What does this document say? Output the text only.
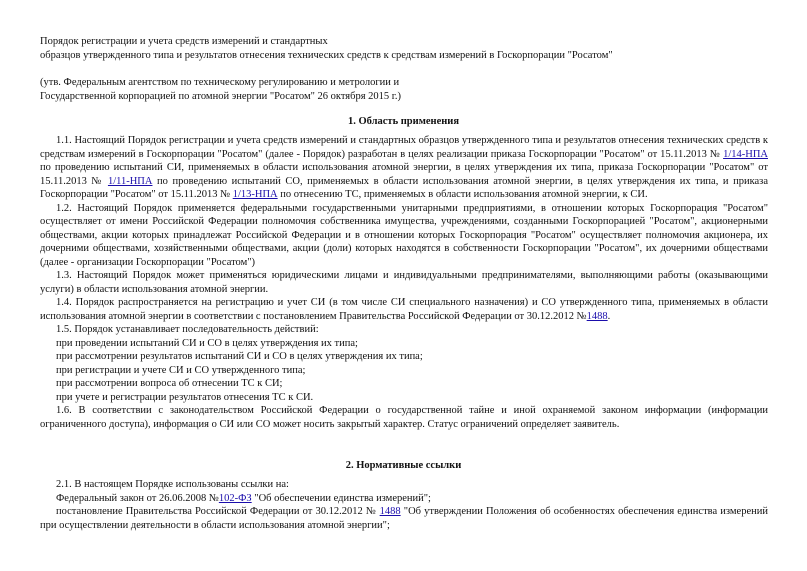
Порядок регистрации и учета средств измерений и стандартных
образцов утвержденного типа и результатов отнесения технических средств к средствам измерений в Госкорпорации "Росатом"
(утв. Федеральным агентством по техническому регулированию и метрологии и
Государственной корпорацией по атомной энергии "Росатом" 26 октября 2015 г.)
1. Область применения

1.1. Настоящий Порядок регистрации и учета средств измерений и стандартных образцов утвержденного типа и результатов отнесения технических средств к средствам измерений в Госкорпорации "Росатом" (далее - Порядок) разработан в целях реализации приказа Госкорпорации "Росатом" от 15.11.2013 № 1/14-НПА по проведению испытаний СИ, применяемых в области использования атомной энергии, в целях утверждения их типа, приказа Госкорпорации "Росатом" от 15.11.2013 № 1/11-НПА по проведению испытаний СО, применяемых в области использования атомной энергии, в целях утверждения их типа, и приказа Госкорпорации "Росатом" от 15.11.2013 № 1/13-НПА по отнесению ТС, применяемых в области использования атомной энергии, к СИ.

1.2. Настоящий Порядок применяется федеральными государственными унитарными предприятиями, в отношении которых Госкорпорация "Росатом" осуществляет от имени Российской Федерации полномочия собственника имущества, учреждениями, созданными Госкорпорацией "Росатом", акционерными обществами, акции которых принадлежат Российской Федерации и в отношении которых Госкорпорация "Росатом" осуществляет полномочия акционера, их дочерними обществами, хозяйственными обществами, акции (доли) которых находятся в собственности Госкорпорации "Росатом", их дочерними обществами (далее - организации Госкорпорации "Росатом")

1.3. Настоящий Порядок может применяться юридическими лицами и индивидуальными предпринимателями, выполняющими работы (оказывающими услуги) в области использования атомной энергии.

1.4. Порядок распространяется на регистрацию и учет СИ (в том числе СИ специального назначения) и СО утвержденного типа, применяемых в области использования атомной энергии в соответствии с постановлением Правительства Российской Федерации от 30.12.2012 №1488.

1.5. Порядок устанавливает последовательность действий:

при проведении испытаний СИ и СО в целях утверждения их типа;

при рассмотрении результатов испытаний СИ и СО в целях утверждения их типа;

при регистрации и учете СИ и СО утвержденного типа;

при рассмотрении вопроса об отнесении ТС к СИ;

при учете и регистрации результатов отнесения ТС к СИ.

1.6. В соответствии с законодательством Российской Федерации о государственной тайне и иной охраняемой законом информации (информации ограниченного доступа), информация о СИ или СО может носить закрытый характер. Статус ограничений определяет заявитель.

2. Нормативные ссылки

2.1. В настоящем Порядке использованы ссылки на:

Федеральный закон от 26.06.2008 №102-ФЗ "Об обеспечении единства измерений";

постановление Правительства Российской Федерации от 30.12.2012 № 1488 "Об утверждении Положения об особенностях обеспечения единства измерений при осуществлении деятельности в области использования атомной энергии";
